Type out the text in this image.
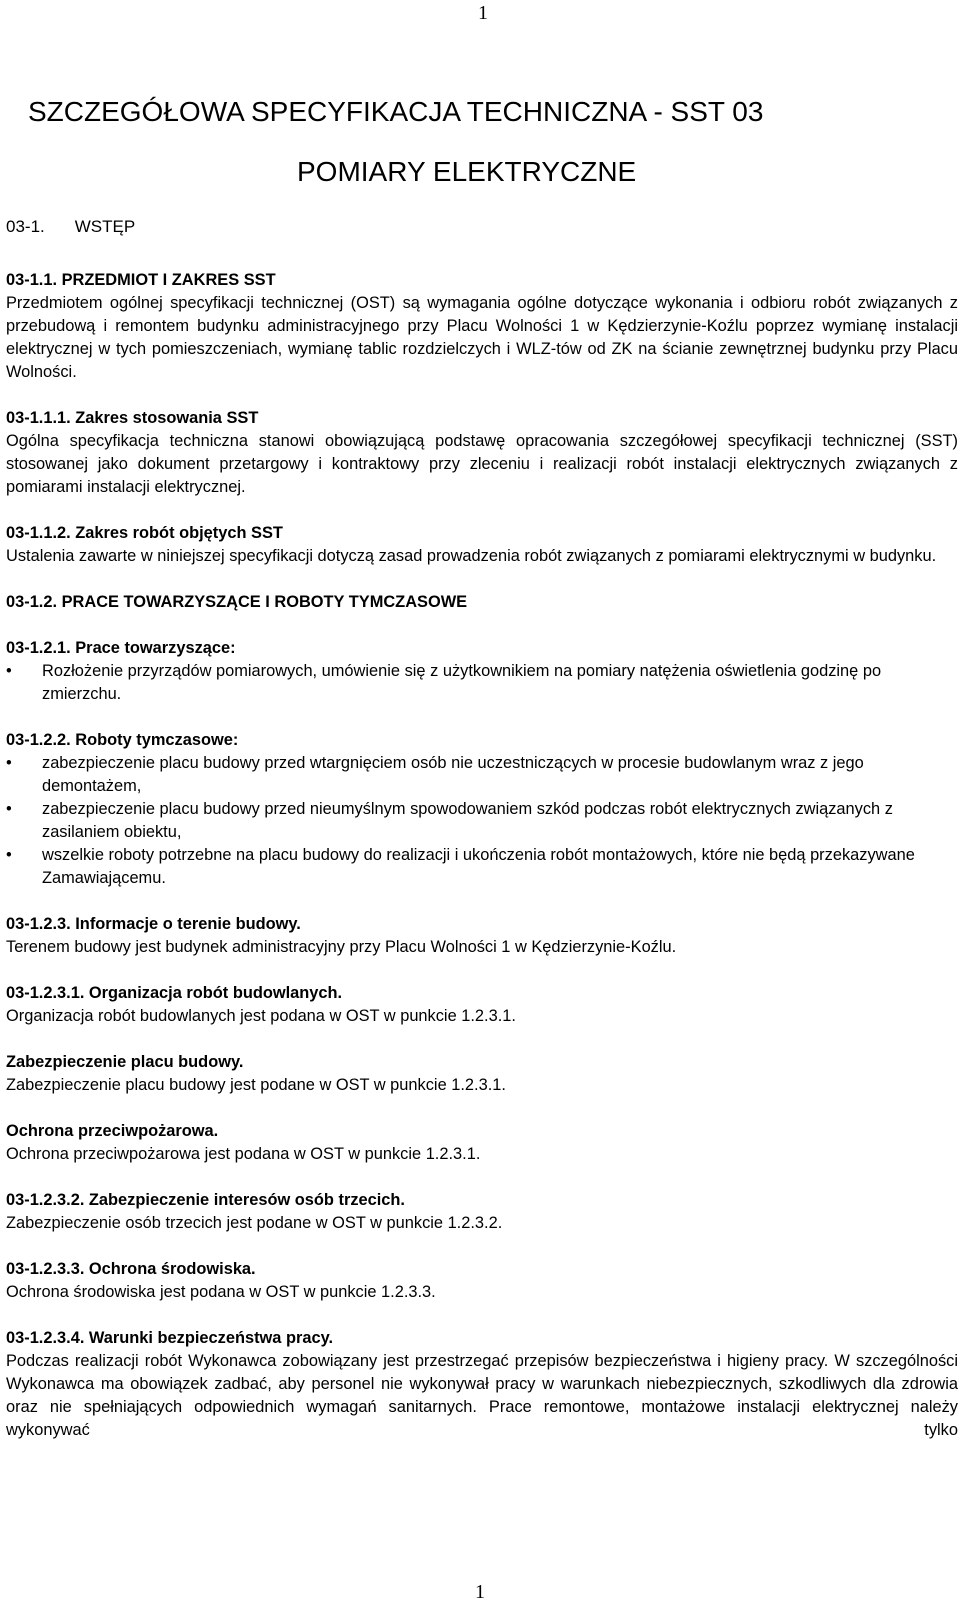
1
SZCZEGÓŁOWA SPECYFIKACJA TECHNICZNA - SST 03
POMIARY ELEKTRYCZNE
03-1. WSTĘP
03-1.1. PRZEDMIOT I ZAKRES SST
Przedmiotem ogólnej specyfikacji technicznej (OST) są wymagania ogólne dotyczące wykonania i odbioru robót związanych z przebudową i remontem budynku administracyjnego przy Placu Wolności 1 w Kędzierzynie-Koźlu poprzez wymianę instalacji elektrycznej w tych pomieszczeniach, wymianę tablic rozdzielczych i WLZ-tów od ZK na ścianie zewnętrznej budynku przy Placu Wolności.
03-1.1.1. Zakres stosowania SST
Ogólna specyfikacja techniczna stanowi obowiązującą podstawę opracowania szczegółowej specyfikacji technicznej (SST) stosowanej jako dokument przetargowy i kontraktowy przy zleceniu i realizacji robót instalacji elektrycznych związanych z pomiarami instalacji elektrycznej.
03-1.1.2. Zakres robót objętych SST
Ustalenia zawarte w niniejszej specyfikacji dotyczą zasad prowadzenia robót związanych z pomiarami elektrycznymi w budynku.
03-1.2. PRACE TOWARZYSZĄCE I ROBOTY TYMCZASOWE
03-1.2.1. Prace towarzyszące:
• Rozłożenie przyrządów pomiarowych, umówienie się z użytkownikiem na pomiary natężenia oświetlenia godzinę po zmierzchu.
03-1.2.2. Roboty tymczasowe:
• zabezpieczenie placu budowy przed wtargnięciem osób nie uczestniczących w procesie budowlanym wraz z jego demontażem,
• zabezpieczenie placu budowy przed nieumyślnym spowodowaniem szkód podczas robót elektrycznych związanych z zasilaniem obiektu,
• wszelkie roboty potrzebne na placu budowy do realizacji i ukończenia robót montażowych, które nie będą przekazywane Zamawiającemu.
03-1.2.3. Informacje o terenie budowy.
Terenem budowy jest budynek administracyjny przy Placu Wolności 1 w Kędzierzynie-Koźlu.
03-1.2.3.1. Organizacja robót budowlanych.
Organizacja robót budowlanych jest podana w OST w punkcie 1.2.3.1.
Zabezpieczenie placu budowy.
Zabezpieczenie placu budowy jest podane w OST w punkcie 1.2.3.1.
Ochrona przeciwpożarowa.
Ochrona przeciwpożarowa jest podana w OST w punkcie 1.2.3.1.
03-1.2.3.2. Zabezpieczenie interesów osób trzecich.
Zabezpieczenie osób trzecich jest podane w OST w punkcie 1.2.3.2.
03-1.2.3.3. Ochrona środowiska.
Ochrona środowiska jest podana w OST w punkcie 1.2.3.3.
03-1.2.3.4. Warunki bezpieczeństwa pracy.
Podczas realizacji robót Wykonawca zobowiązany jest przestrzegać przepisów bezpieczeństwa i higieny pracy. W szczególności Wykonawca ma obowiązek zadbać, aby personel nie wykonywał pracy w warunkach niebezpiecznych, szkodliwych dla zdrowia oraz nie spełniających odpowiednich wymagań sanitarnych. Prace remontowe, montażowe instalacji elektrycznej należy wykonywać tylko
1
